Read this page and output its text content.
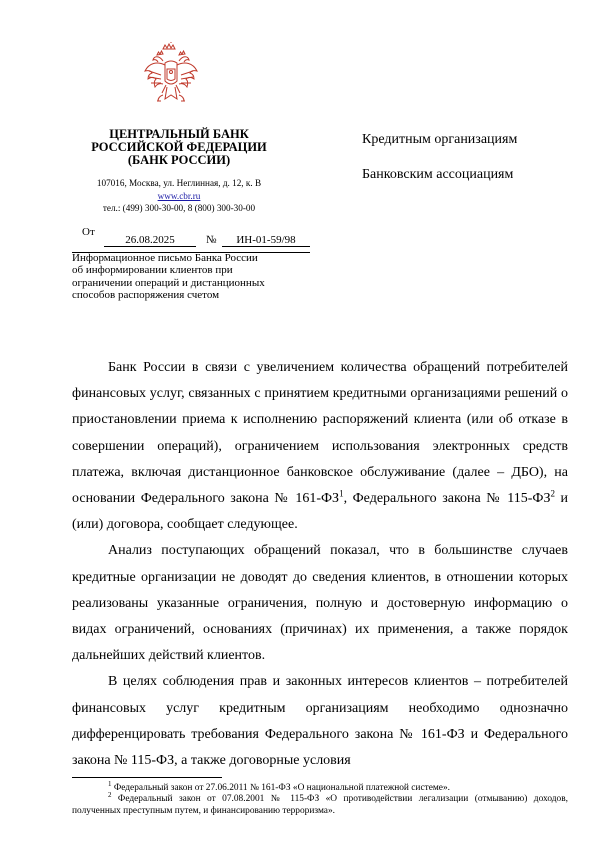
ЦЕНТРАЛЬНЫЙ БАНК
РОССИЙСКОЙ ФЕДЕРАЦИИ
(БАНК РОССИИ)
107016, Москва, ул. Неглинная, д. 12, к. В
www.cbr.ru
тел.: (499) 300-30-00, 8 (800) 300-30-00
От
26.08.2025	№	ИН-01-59/98
Информационное письмо Банка России
об информировании клиентов при
ограничении операций и дистанционных
способов распоряжения счетом
Кредитным организациям
Банковским ассоциациям

Банк России в связи с увеличением количества обращений потребителей финансовых услуг, связанных с принятием кредитными организациями решений о приостановлении приема к исполнению распоряжений клиента (или об отказе в совершении операций), ограничением использования электронных средств платежа, включая дистанционное банковское обслуживание (далее – ДБО), на основании Федерального закона № $161-ФЗ^1$, Федерального закона № $115-ФЗ^2$ и (или) договора, сообщает следующее.

Анализ поступающих обращений показал, что в большинстве случаев кредитные организации не доводят до сведения клиентов, в отношении которых реализованы указанные ограничения, полную и достоверную информацию о видах ограничений, основаниях (причинах) их применения, а также порядок дальнейших действий клиентов.

В целях соблюдения прав и законных интересов клиентов – потребителей финансовых услуг кредитным организациям необходимо однозначно дифференцировать требования Федерального закона № 161-ФЗ и Федерального закона № 115-ФЗ, а также договорные условия

$^1$ Федеральный закон от 27.06.2011 № 161-ФЗ «О национальной платежной системе».

$^2$ Федеральный закон от 07.08.2001 № 115-ФЗ «О противодействии легализации (отмыванию) доходов, полученных преступным путем, и финансированию терроризма».
